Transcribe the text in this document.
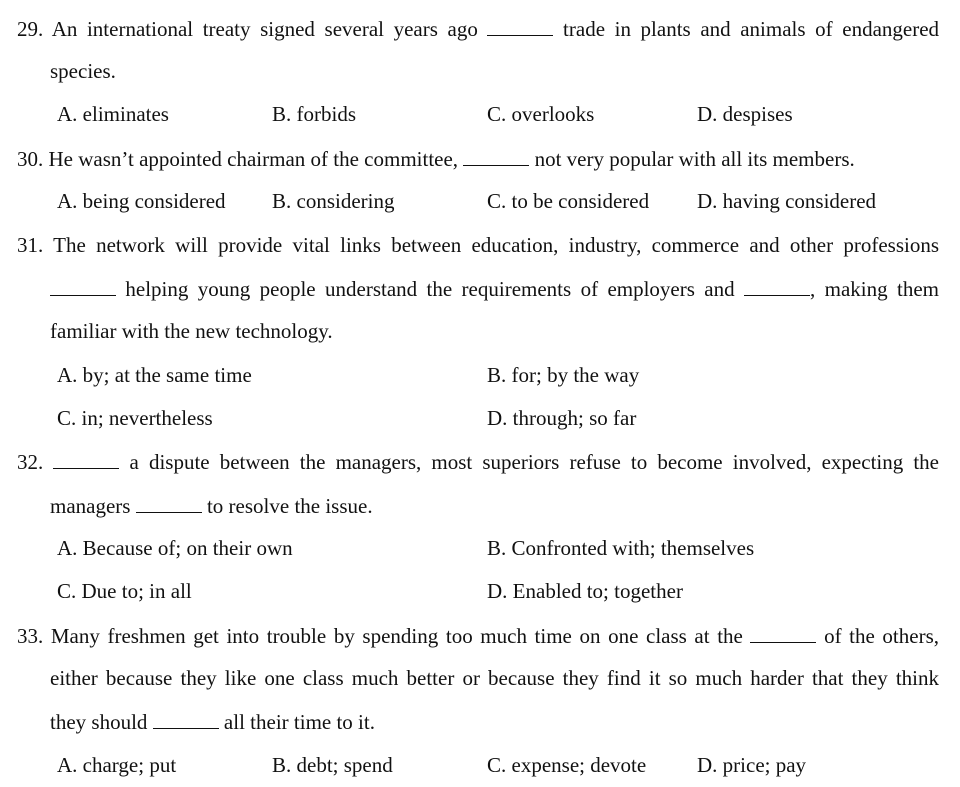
29. An international treaty signed several years ago	trade in plants and animals of endangered
species.
A. eliminates	B. forbids	C. overlooks	D. despises
30. He wasn’t appointed chairman of the committee,	not very popular with all its members.
A. being considered B. considering	C. to be considered D. having considered
31. The network will provide vital links between education, industry, commerce and other professions
helping young people understand the requirements of employers and	, making them
familiar with the new technology.
A. by; at the same time	B. for; by the way
C. in; nevertheless	D. through; so far
32.	a dispute between the managers, most superiors refuse to become involved, expecting the
managers	to resolve the issue.
A. Because of; on their own	B. Confronted with; themselves
C. Due to; in all	D. Enabled to; together
33. Many freshmen get into trouble by spending too much time on one class at the	of the others,
either because they like one class much better or because they find it so much harder that they think
they should	all their time to it.
A. charge; put	B. debt; spend	C. expense; devote D. price; pay
